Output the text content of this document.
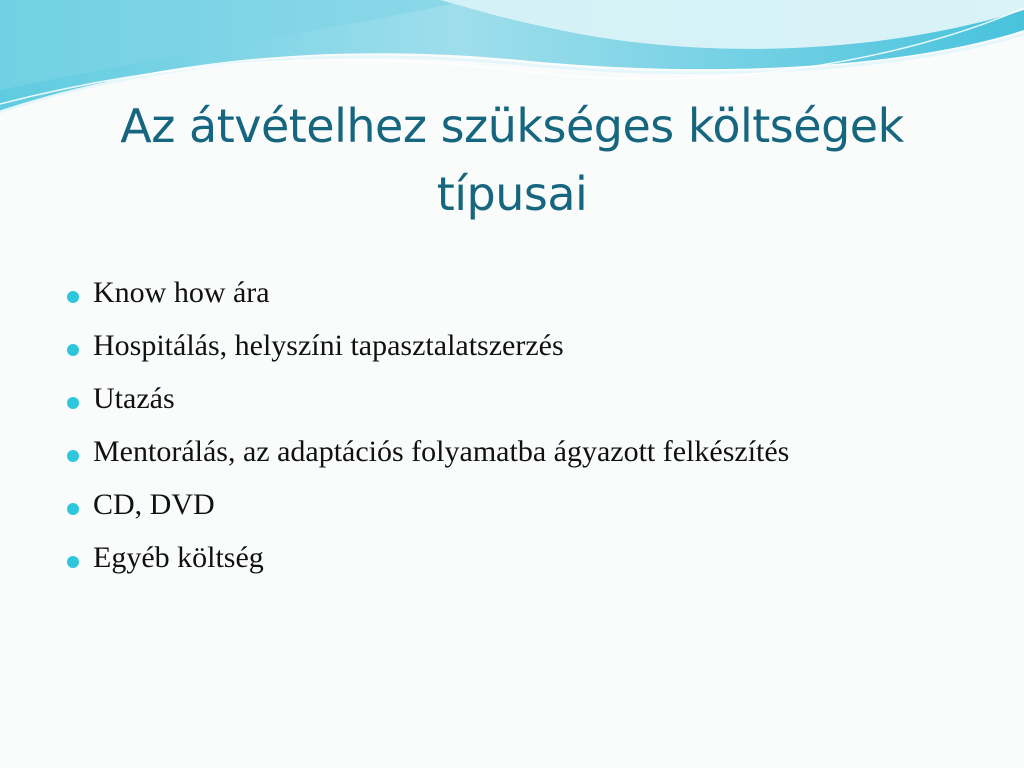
Az átvételhez szükséges költségek típusai
Know how ára
Hospitálás, helyszíni tapasztalatszerzés
Utazás
Mentorálás, az adaptációs folyamatba ágyazott felkészítés
CD, DVD
Egyéb költség
